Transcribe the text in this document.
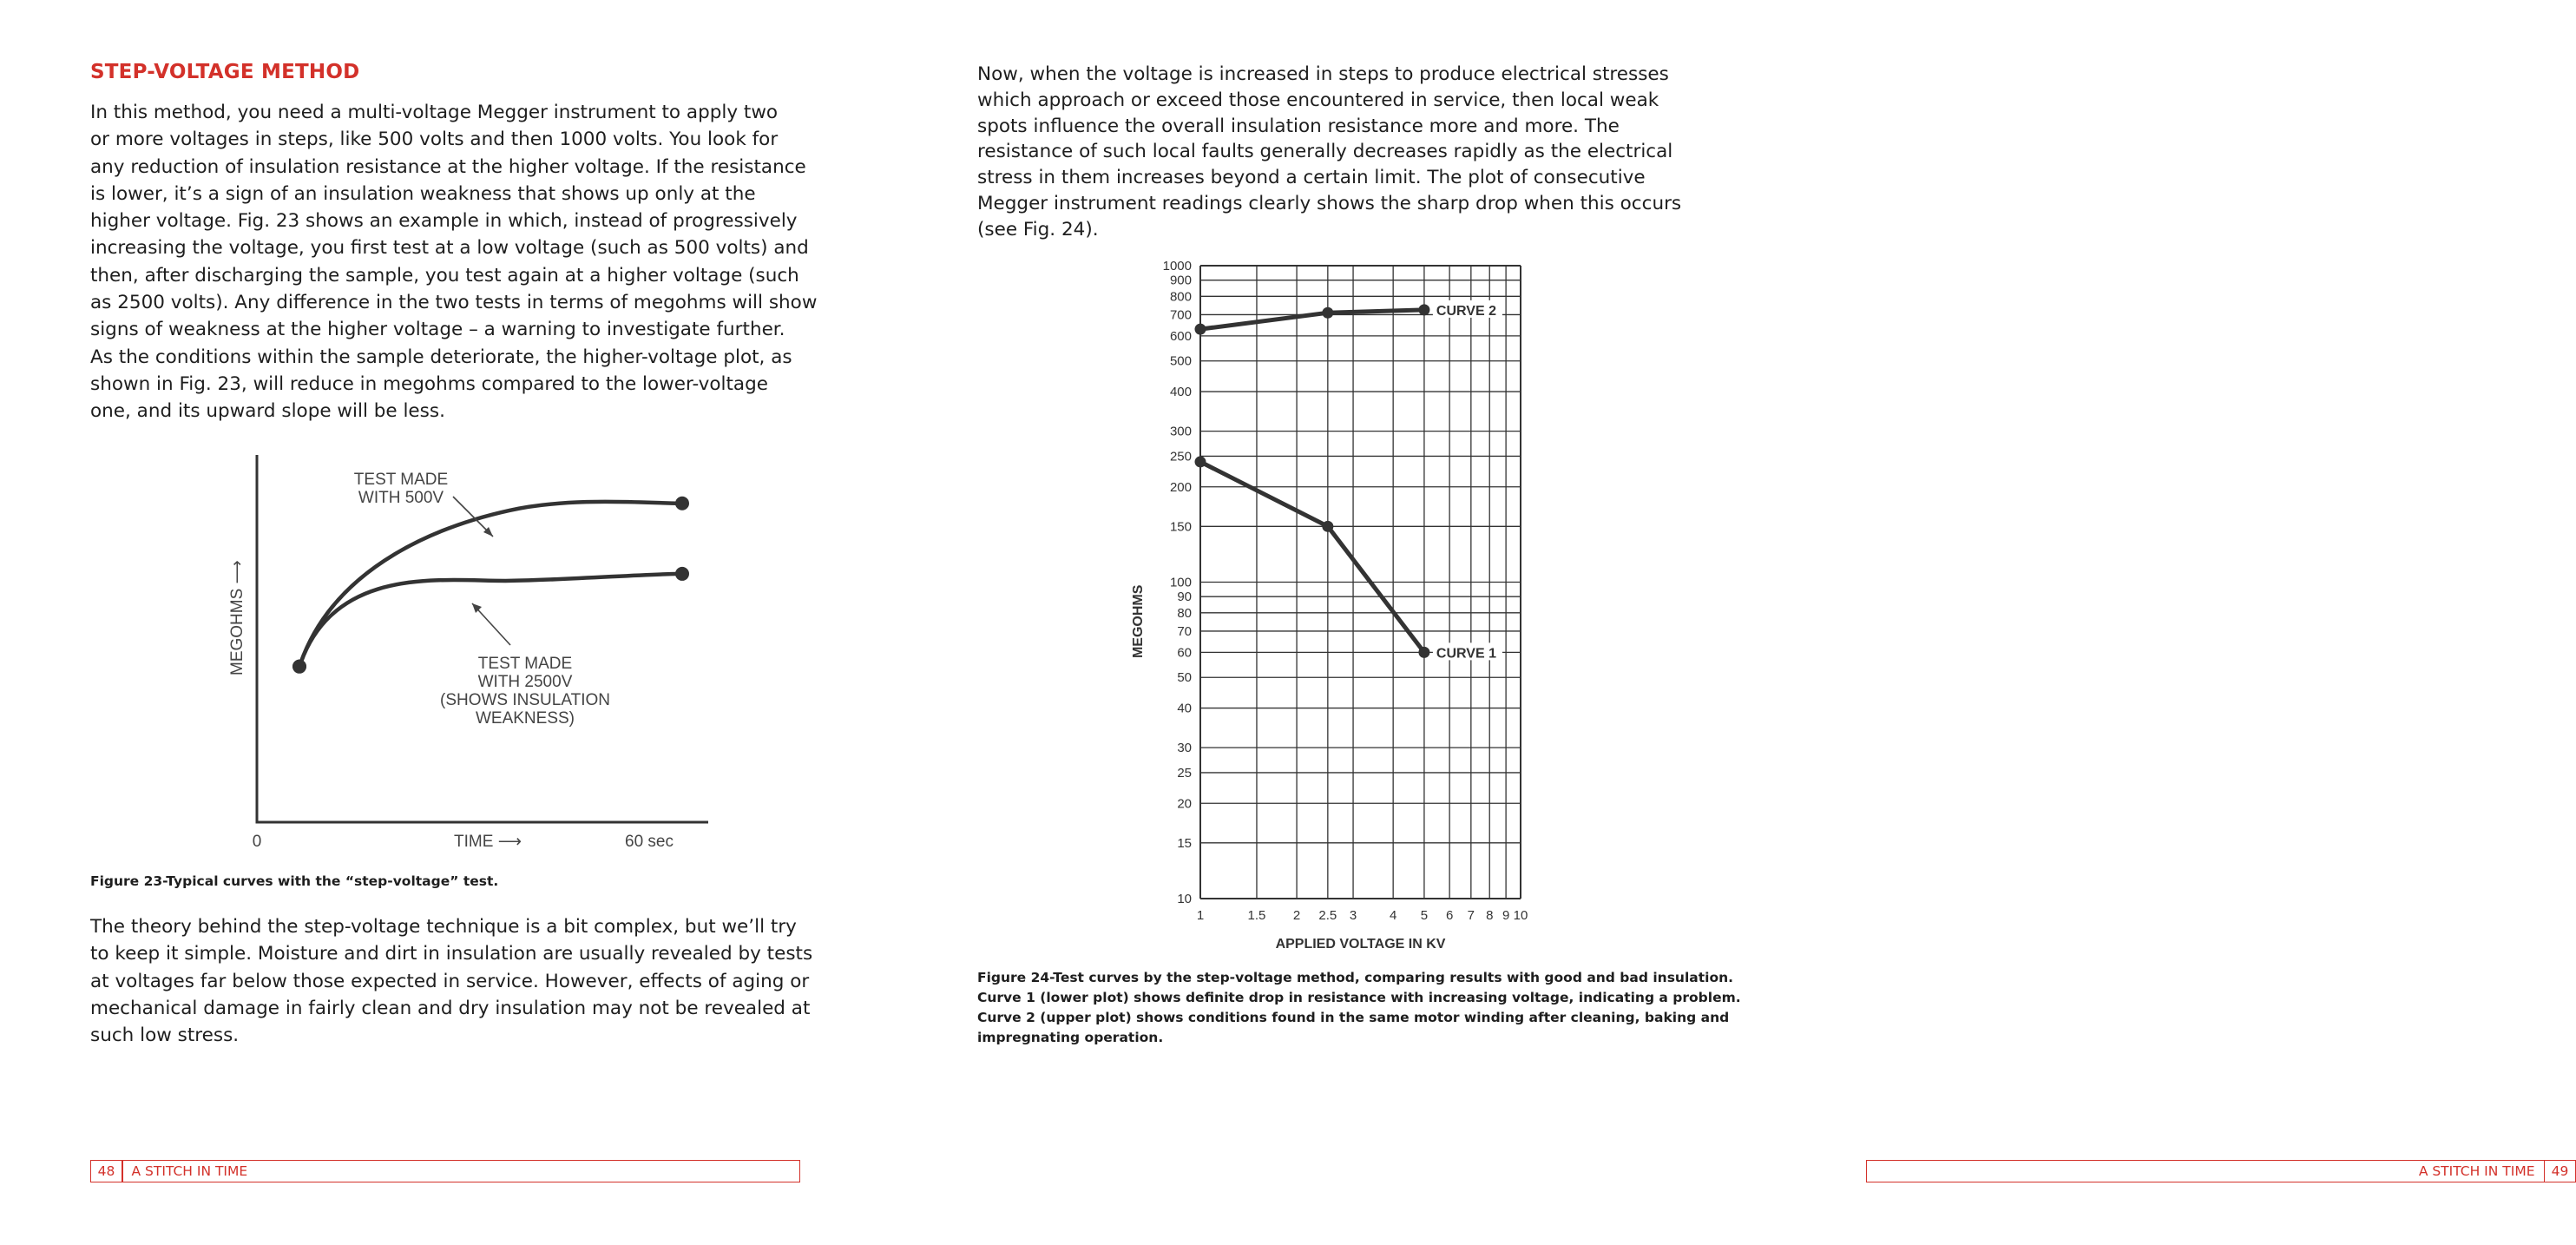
STEP-VOLTAGE METHOD
In this method, you need a multi-voltage Megger instrument to apply two
or more voltages in steps, like 500 volts and then 1000 volts. You look for
any reduction of insulation resistance at the higher voltage. If the resistance
is lower, it’s a sign of an insulation weakness that shows up only at the
higher voltage. Fig. 23 shows an example in which, instead of progressively
increasing the voltage, you first test at a low voltage (such as 500 volts) and
then, after discharging the sample, you test again at a higher voltage (such
as 2500 volts). Any difference in the two tests in terms of megohms will show
signs of weakness at the higher voltage – a warning to investigate further.
As the conditions within the sample deteriorate, the higher-voltage plot, as
shown in Fig. 23, will reduce in megohms compared to the lower-voltage
one, and its upward slope will be less.
TEST MADE
WITH 500V
TEST MADE
WITH 2500V
(SHOWS INSULATION
WEAKNESS)
MEGOHMS ⟶
0	TIME ⟶	60 sec

Figure 23-Typical curves with the “step-voltage” test.

The theory behind the step-voltage technique is a bit complex, but we’ll try
to keep it simple. Moisture and dirt in insulation are usually revealed by tests
at voltages far below those expected in service. However, effects of aging or
mechanical damage in fairly clean and dry insulation may not be revealed at
such low stress.
48	A STITCH IN TIME
Now, when the voltage is increased in steps to produce electrical stresses
which approach or exceed those encountered in service, then local weak
spots influence the overall insulation resistance more and more. The
resistance of such local faults generally decreases rapidly as the electrical
stress in them increases beyond a certain limit. The plot of consecutive
Megger instrument readings clearly shows the sharp drop when this occurs
(see Fig. 24).
1	1.5 2 2.5 3	4 5 6 7 8 9 10
10
15
20
25
30
40
50
60
70
80
90
100
150
200
250
300
400
500
600
700
800
900
1000
APPLIED VOLTAGE IN KV
MEGOHMS	CURVE 1
CURVE 2
Figure 24-Test curves by the step-voltage method, comparing results with good and bad insulation.
Curve 1 (lower plot) shows definite drop in resistance with increasing voltage, indicating a problem.
Curve 2 (upper plot) shows conditions found in the same motor winding after cleaning, baking and
impregnating operation.
A STITCH IN TIME	49
